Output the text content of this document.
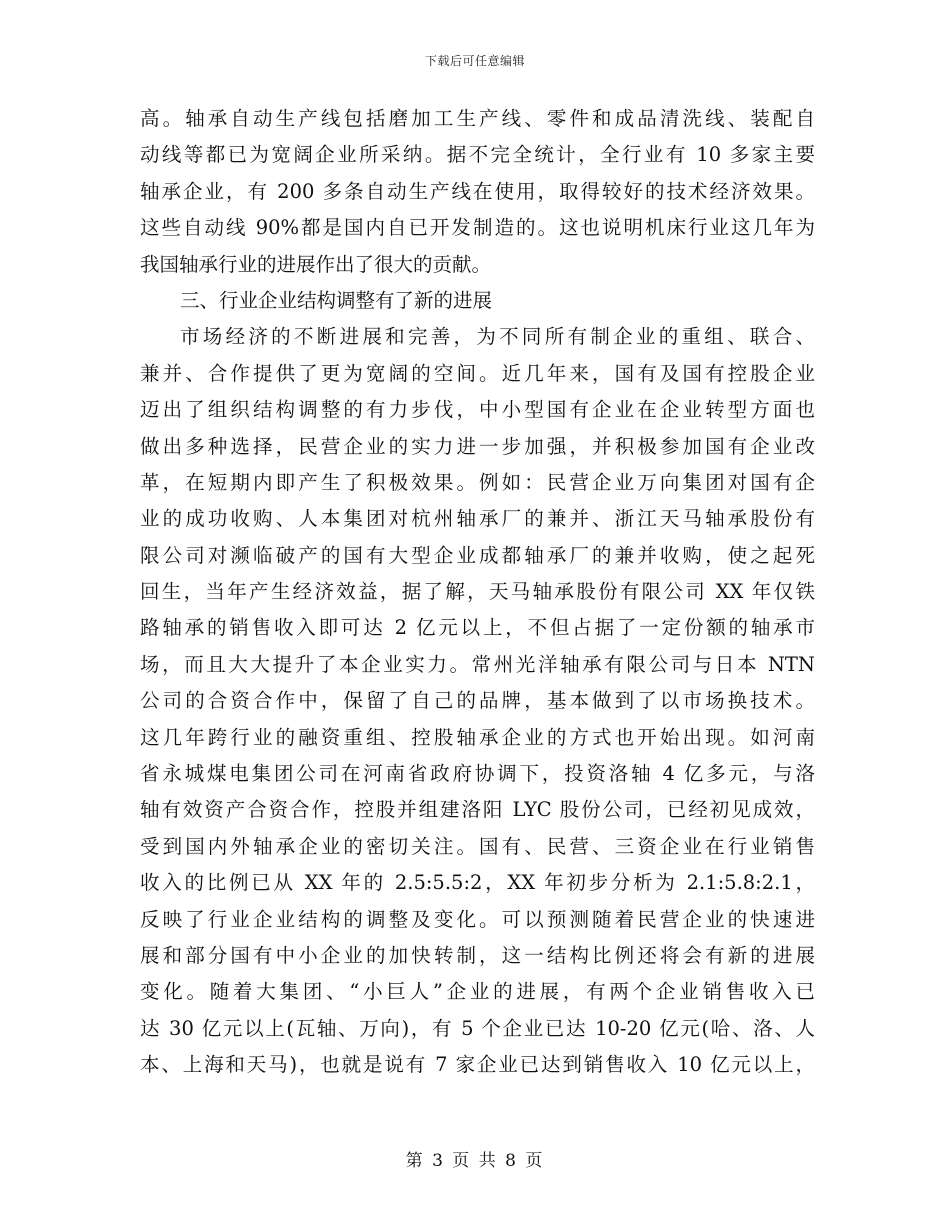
下载后可任意编辑
高。轴承自动生产线包括磨加工生产线、零件和成品清洗线、装配自
动线等都已为宽阔企业所采纳。据不完全统计，全行业有 10 多家主要
轴承企业，有 200 多条自动生产线在使用，取得较好的技术经济效果。
这些自动线 90%都是国内自已开发制造的。这也说明机床行业这几年为
我国轴承行业的进展作出了很大的贡献。
三、行业企业结构调整有了新的进展
市场经济的不断进展和完善，为不同所有制企业的重组、联合、
兼并、合作提供了更为宽阔的空间。近几年来，国有及国有控股企业
迈出了组织结构调整的有力步伐，中小型国有企业在企业转型方面也
做出多种选择，民营企业的实力进一步加强，并积极参加国有企业改
革，在短期内即产生了积极效果。例如：民营企业万向集团对国有企
业的成功收购、人本集团对杭州轴承厂的兼并、浙江天马轴承股份有
限公司对濒临破产的国有大型企业成都轴承厂的兼并收购，使之起死
回生，当年产生经济效益，据了解，天马轴承股份有限公司 XX 年仅铁
路轴承的销售收入即可达 2 亿元以上，不但占据了一定份额的轴承市
场，而且大大提升了本企业实力。常州光洋轴承有限公司与日本 NTN
公司的合资合作中，保留了自己的品牌，基本做到了以市场换技术。
这几年跨行业的融资重组、控股轴承企业的方式也开始出现。如河南
省永城煤电集团公司在河南省政府协调下，投资洛轴 4 亿多元，与洛
轴有效资产合资合作，控股并组建洛阳 LYC 股份公司，已经初见成效，
受到国内外轴承企业的密切关注。国有、民营、三资企业在行业销售
收入的比例已从 XX 年的 2.5:5.5:2，XX 年初步分析为 2.1:5.8:2.1，
反映了行业企业结构的调整及变化。可以预测随着民营企业的快速进
展和部分国有中小企业的加快转制，这一结构比例还将会有新的进展
变化。随着大集团、“小巨人”企业的进展，有两个企业销售收入已
达 30 亿元以上(瓦轴、万向)，有 5 个企业已达 10-20 亿元(哈、洛、人
本、上海和天马)，也就是说有 7 家企业已达到销售收入 10 亿元以上，
第 3 页 共 8 页
